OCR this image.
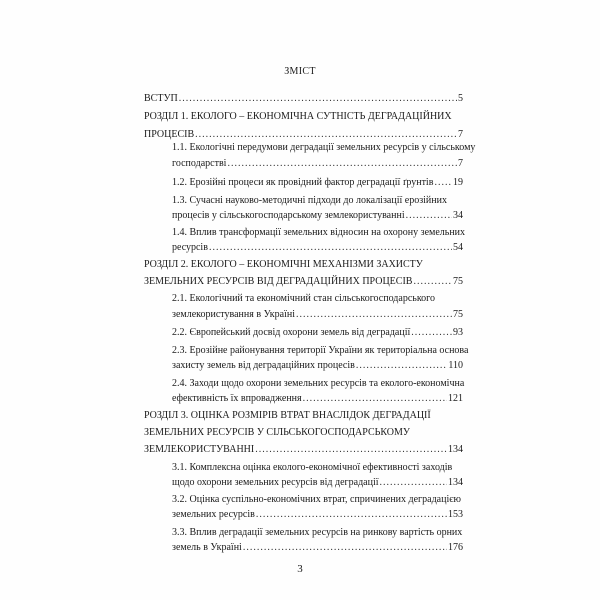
ЗМІСТ
ВСТУП .....	5
РОЗДІЛ 1. ЕКОЛОГО – ЕКОНОМІЧНА СУТНІСТЬ ДЕГРАДАЦІЙНИХ
ПРОЦЕСІВ .....	7
1.1. Екологічні передумови деградації земельних ресурсів у сільському
господарстві .....	7
1.2. Ерозійні процеси як провідний фактор деградації ґрунтів ..... 19
1.3. Сучасні науково-методичні підходи до локалізації ерозійних
процесів у сільськогосподарському землекористуванні .....	34
1.4. Вплив трансформації земельних відносин на охорону земельних
ресурсів .....	54
РОЗДІЛ 2. ЕКОЛОГО – ЕКОНОМІЧНІ МЕХАНІЗМИ ЗАХИСТУ
ЗЕМЕЛЬНИХ РЕСУРСІВ ВІД ДЕГРАДАЦІЙНИХ ПРОЦЕСІВ .....	75
2.1. Екологічний та економічний стан сільськогосподарського
землекористування в Україні .....	75
2.2. Європейський досвід охорони земель від деградації .....	93
2.3. Ерозійне районування території України як територіальна основа
захисту земель від деградаційних процесів .....	110
2.4. Заходи щодо охорони земельних ресурсів та еколого-економічна
ефективність їх впровадження .....	121
РОЗДІЛ 3. ОЦІНКА РОЗМІРІВ ВТРАТ ВНАСЛІДОК ДЕГРАДАЦІЇ
ЗЕМЕЛЬНИХ РЕСУРСІВ У СІЛЬСЬКОГОСПОДАРСЬКОМУ
ЗЕМЛЕКОРИСТУВАННІ .....	134
3.1. Комплексна оцінка еколого-економічної ефективності заходів
щодо охорони земельних ресурсів від деградації .....	134
3.2. Оцінка суспільно-економічних втрат, спричинених деградацією
земельних ресурсів .....	153
3.3. Вплив деградації земельних ресурсів на ринкову вартість орних
земель в Україні .....	176
3
